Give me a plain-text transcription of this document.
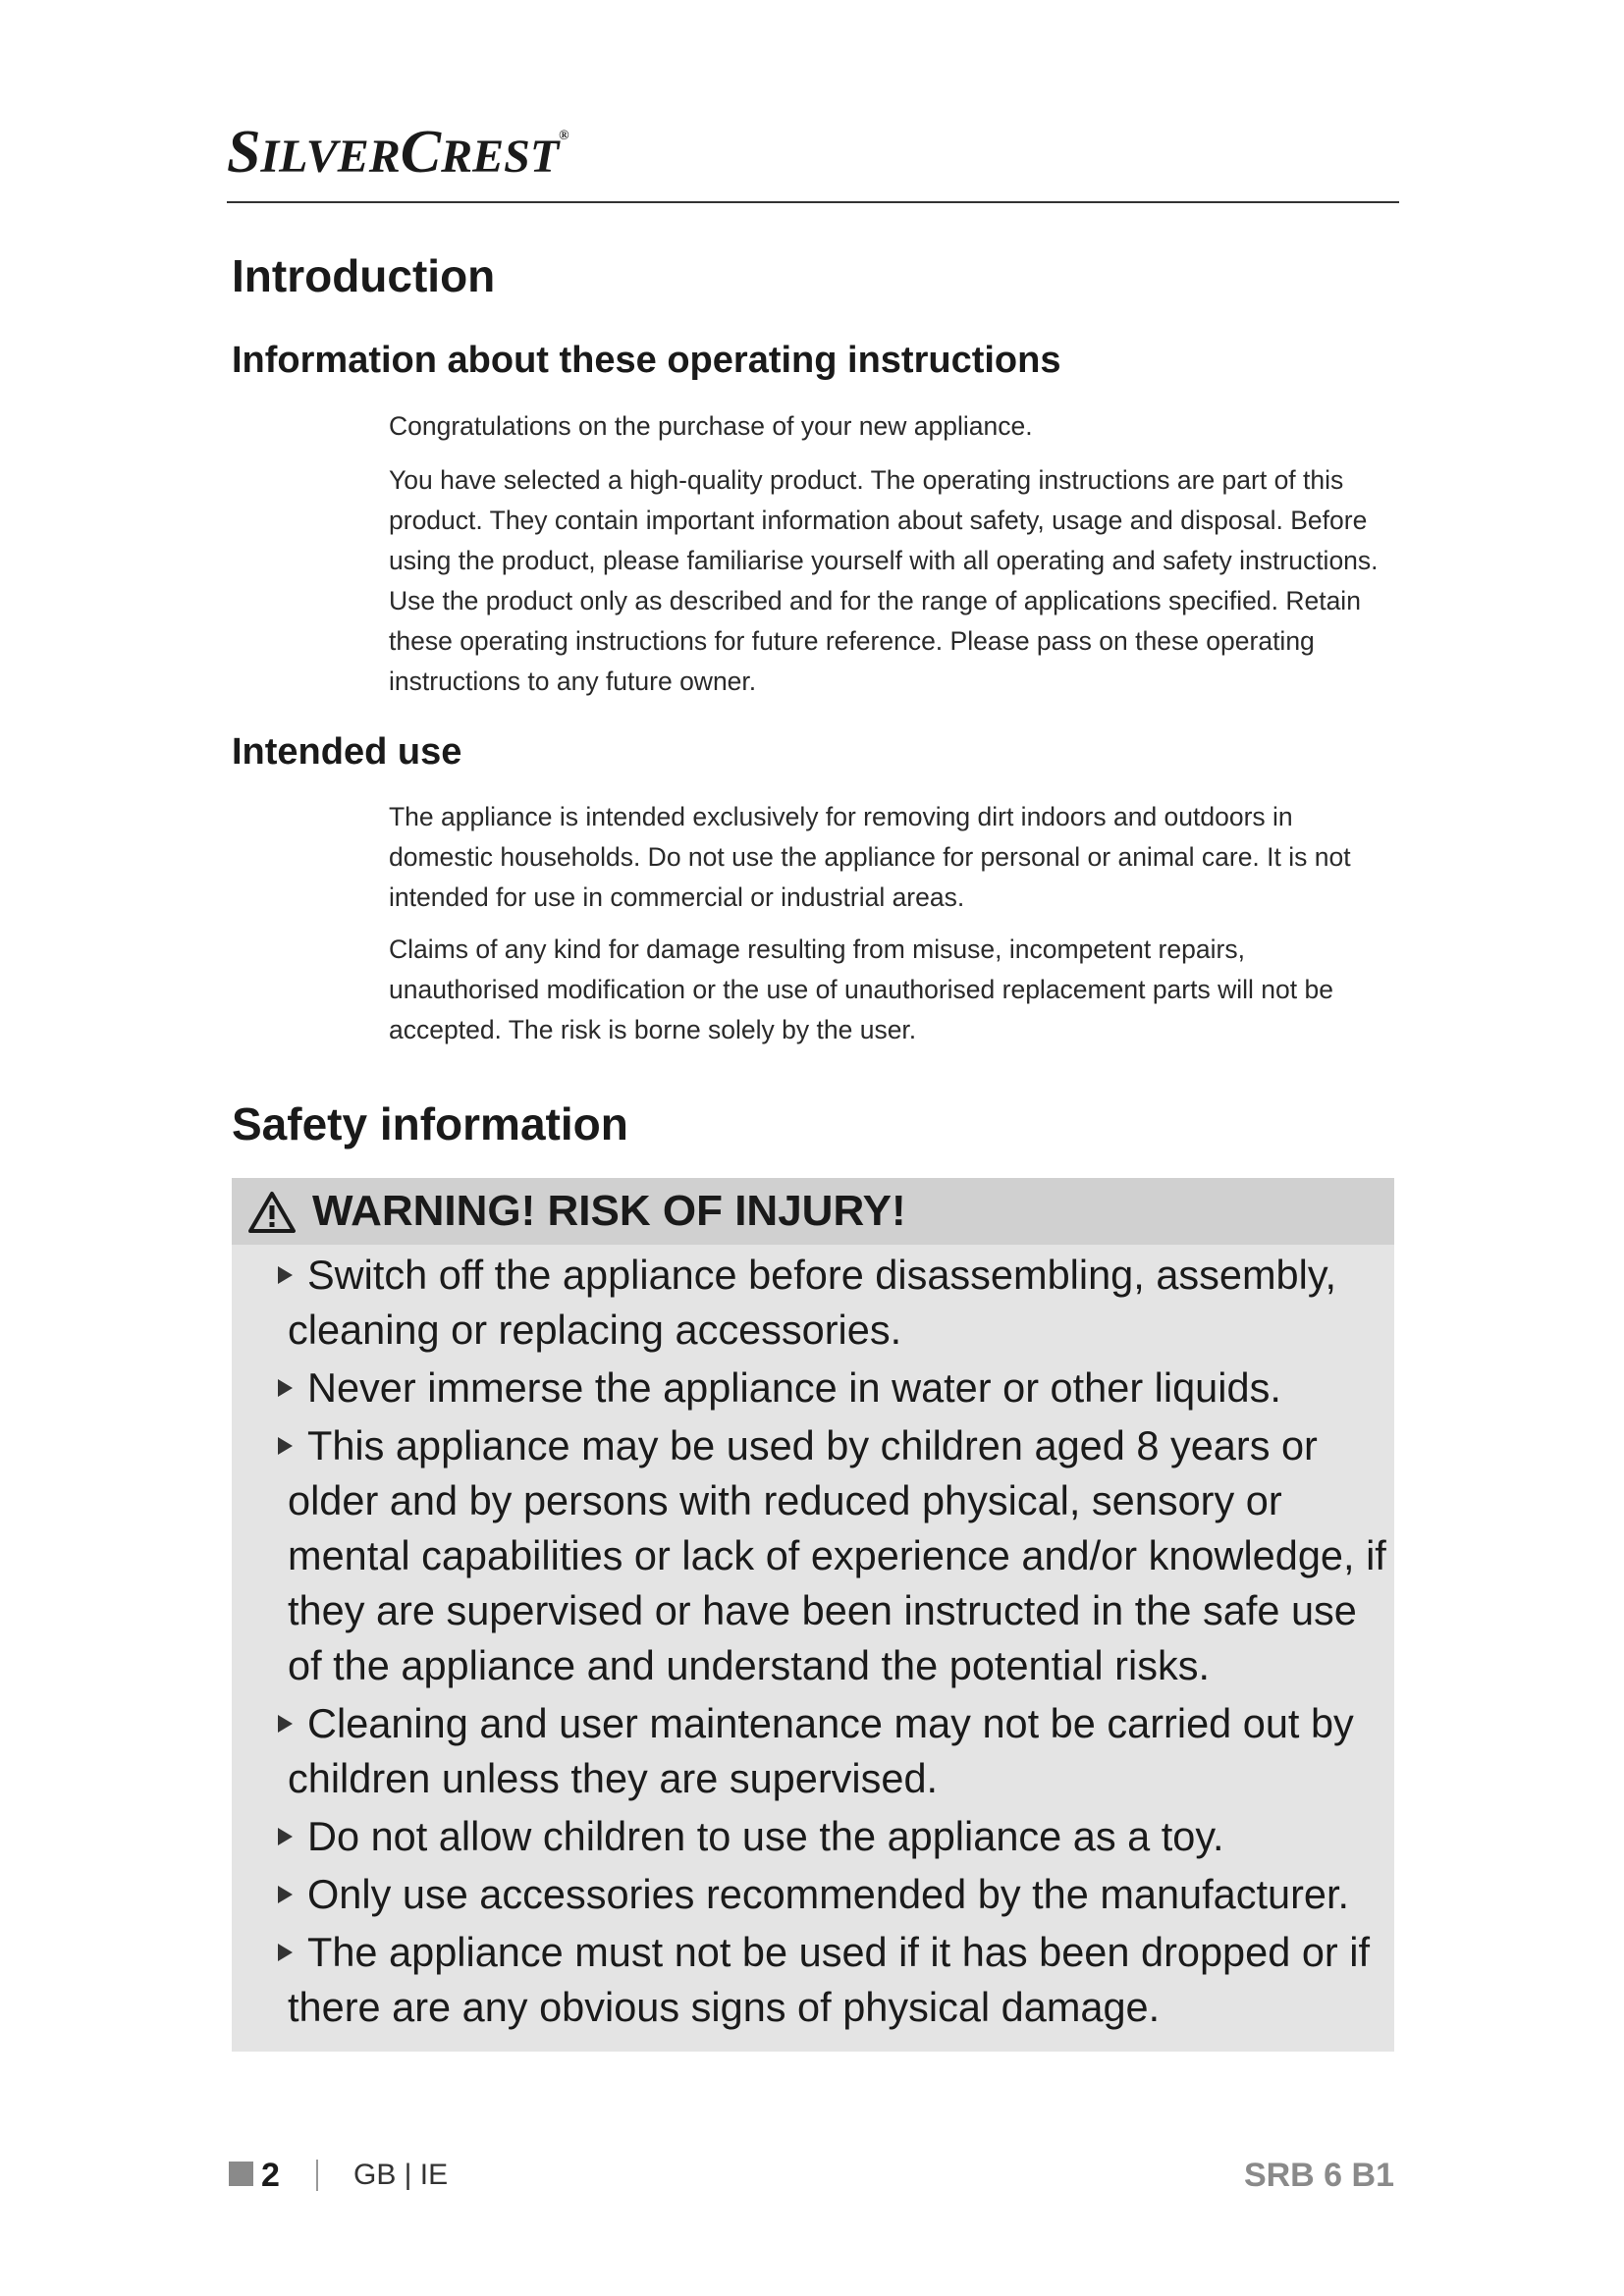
SILVERCREST®
Introduction
Information about these operating instructions

Congratulations on the purchase of your new appliance.

You have selected a high-quality product. The operating instructions are part of this product. They contain important information about safety, usage and disposal. Before using the product, please familiarise yourself with all operating and safety instructions. Use the product only as described and for the range of applications specified. Retain these operating instructions for future reference. Please pass on these operating instructions to any future owner.

Intended use

The appliance is intended exclusively for removing dirt indoors and outdoors in domestic households. Do not use the appliance for personal or animal care. It is not intended for use in commercial or industrial areas.

Claims of any kind for damage resulting from misuse, incompetent repairs, unauthorised modification or the use of unauthorised replacement parts will not be accepted. The risk is borne solely by the user.

Safety information
WARNING! RISK OF INJURY!
Switch off the appliance before disassembling, assembly, cleaning or replacing accessories.
Never immerse the appliance in water or other liquids.
This appliance may be used by children aged 8 years or older and by persons with reduced physical, sensory or mental capabilities or lack of experience and/or knowledge, if they are supervised or have been instructed in the safe use of the appliance and understand the potential risks.
Cleaning and user maintenance may not be carried out by children unless they are supervised.
Do not allow children to use the appliance as a toy.
Only use accessories recommended by the manufacturer.
The appliance must not be used if it has been dropped or if there are any obvious signs of physical damage.
2	GB | IE	SRB 6 B1
